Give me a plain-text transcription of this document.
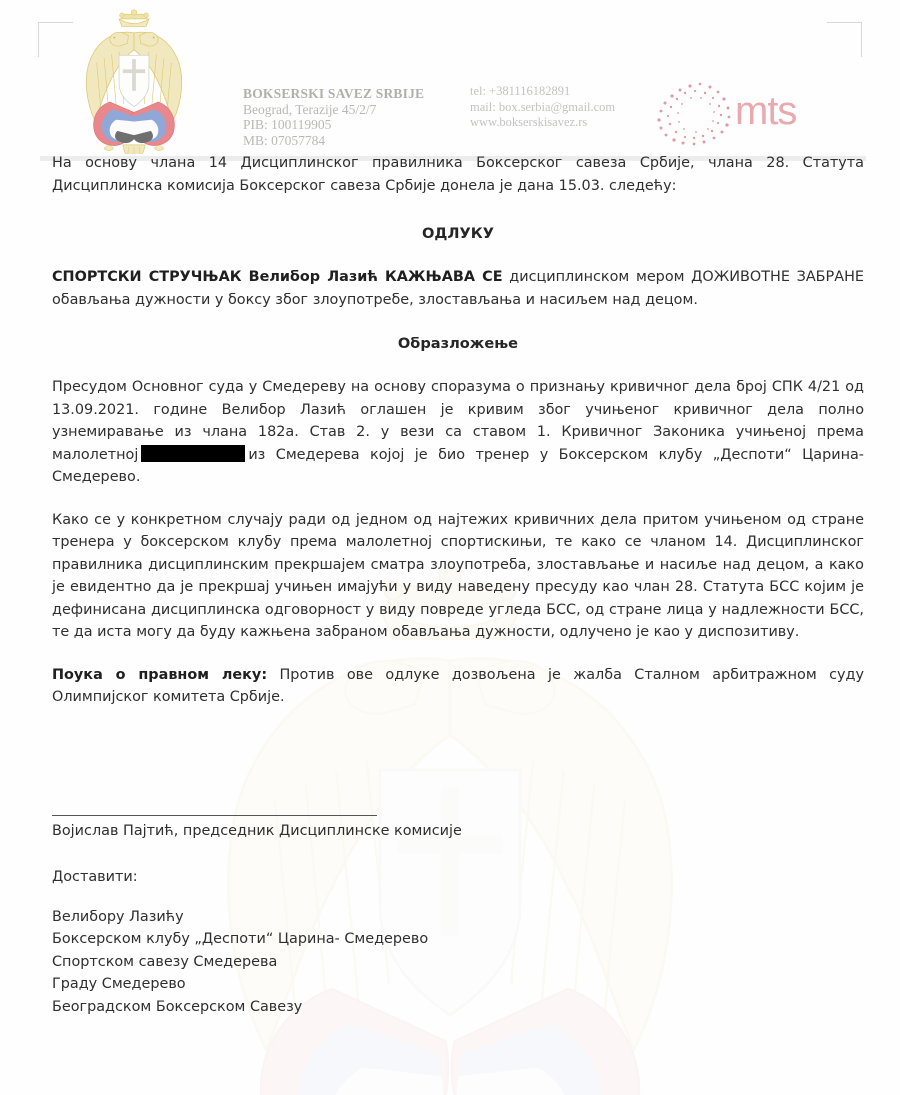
BOKSERSKI SAVEZ SRBIJE
Beograd, Terazije 45/2/7
PIB: 100119905
MB: 07057784
tel: +381116182891
mail: box.serbia@gmail.com
www.bokserskisavez.rs	mts

На основу члана 14 Дисциплинског правилника Боксерског савеза Србије, члана 28. Статута Дисциплинска комисија Боксерског савеза Србије донела је дана 15.03. следећу:

ОДЛУКУ

СПОРТСКИ СТРУЧЊАК Велибор Лазић КАЖЊАВА СЕ дисциплинском мером ДОЖИВОТНЕ ЗАБРАНЕ обављања дужности у боксу због злоупотребе, злостављања и насиљем над децом.

Образложење

Пресудом Основног суда у Смедереву на основу споразума о признању кривичног дела број СПК 4/21 од 13.09.2021. године Велибор Лазић оглашен је кривим због учињеног кривичног дела полно узнемиравање из члана 182а. Став 2. у вези са ставом 1. Кривичног Законика учињеној према малолетној	из Смедерева којој је био тренер у Боксерском клубу „Деспоти“ Царина- Смедерево.

Како се у конкретном случају ради од једном од најтежих кривичних дела притом учињеном од стране тренера у боксерском клубу према малолетној спортискињи, те како се чланом 14. Дисциплинског правилника дисциплинским прекршајем сматра злоупотреба, злостављање и насиље над децом, а како је евидентно да је прекршај учињен имајући у виду наведену пресуду као члан 28. Статута БСС којим је дефинисана дисциплинска одговорност у виду повреде угледа БСС, од стране лица у надлежности БСС, те да иста могу да буду кажњена забраном обављања дужности, одлучено је као у диспозитиву.

Поука о правном леку: Против ове одлуке дозвољена је жалба Сталном арбитражном суду Олимпијског комитета Србије.

Војислав Пајтић, председник Дисциплинске комисије

Доставити:

Велибору Лазићу
Боксерском клубу „Деспоти“ Царина- Смедерево
Спортском савезу Смедерева
Граду Смедерево
Београдском Боксерском Савезу
